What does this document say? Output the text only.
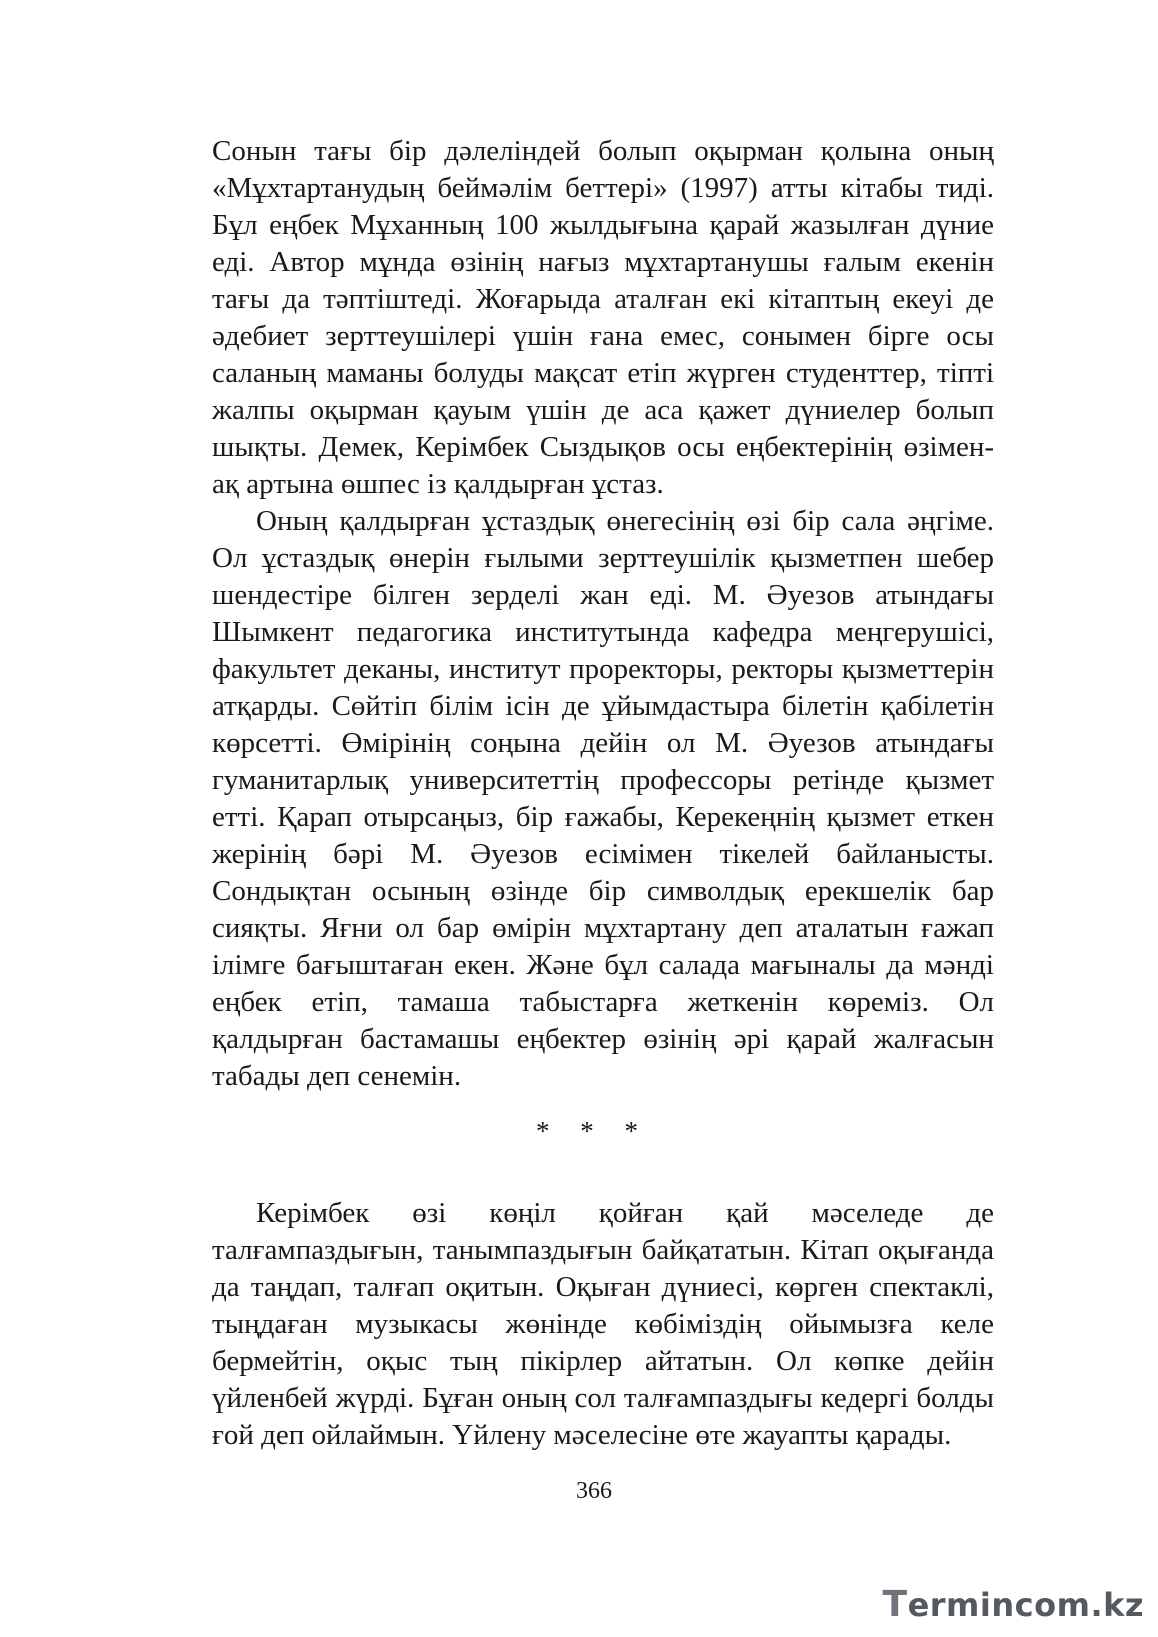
Сонын тағы бір дәлеліндей болып оқырман қолына оның «Мұхтартанудың беймәлім беттері» (1997) атты кітабы тиді. Бұл еңбек Мұханның 100 жылдығына қарай жазылған дүние еді. Автор мұнда өзінің нағыз мұхтартанушы ғалым екенін тағы да тәптіштеді. Жоғарыда аталған екі кітаптың екеуі де әдебиет зерттеушілері үшін ғана емес, сонымен бірге осы саланың маманы болуды мақсат етіп жүрген студенттер, тіпті жалпы оқырман қауым үшін де аса қажет дүниелер болып шықты. Демек, Керімбек Сыздықов осы еңбектерінің өзімен-ақ артына өшпес із қалдырған ұстаз.

Оның қалдырған ұстаздық өнегесінің өзі бір сала әңгіме. Ол ұстаздық өнерін ғылыми зерттеушілік қызметпен шебер шендестіре білген зерделі жан еді. М. Әуезов атындағы Шымкент педагогика институтында кафедра меңгерушісі, факультет деканы, институт проректоры, ректоры қызметтерін атқарды. Сөйтіп білім ісін де ұйымдастыра білетін қабілетін көрсетті. Өмірінің соңына дейін ол М. Әуезов атындағы гуманитарлық университеттің профессоры ретінде қызмет етті. Қарап отырсаңыз, бір ғажабы, Керекеңнің қызмет еткен жерінің бәрі М. Әуезов есімімен тікелей байланысты. Сондықтан осының өзінде бір символдық ерекшелік бар сияқты. Яғни ол бар өмірін мұхтартану деп аталатын ғажап ілімге бағыштаған екен. Және бұл салада мағыналы да мәнді еңбек етіп, тамаша табыстарға жеткенін көреміз. Ол қалдырған бастамашы еңбектер өзінің әрі қарай жалғасын табады деп сенемін.

* * *

Керімбек өзі көңіл қойған қай мәселеде де талғампаздығын, танымпаздығын байқататын. Кітап оқығанда да таңдап, талғап оқитын. Оқыған дүниесі, көрген спектаклі, тыңдаған музыкасы жөнінде көбіміздің ойымызға келе бермейтін, оқыс тың пікірлер айтатын. Ол көпке дейін үйленбей жүрді. Бұған оның сол талғампаздығы кедергі болды ғой деп ойлаймын. Үйлену мәселесіне өте жауапты қарады.

366
Termincom.kz
